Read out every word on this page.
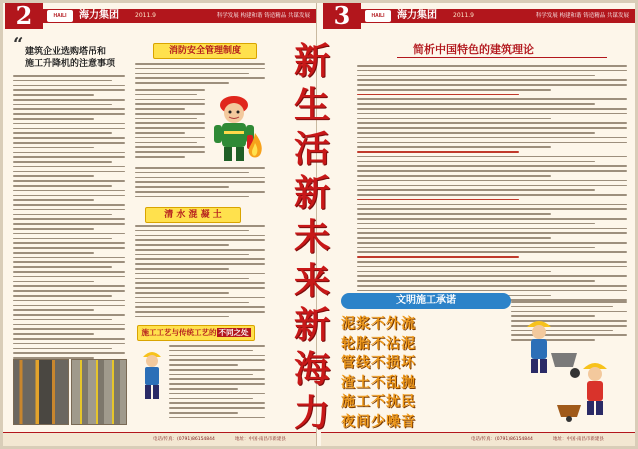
2	HAILI	海力集团	2011.9	科学发展 构建和谐 铸造精品 共谋发展
“ 建筑企业选购塔吊和
施工升降机的注意事项
消防安全管理制度
清 水 混 凝 土
施工工艺与传统工艺的 不同之处
电话/传真：(0791)86154844	地址：中国·南昌市新建县
3	HAILI	海力集团	2011.9	科学发展 构建和谐 铸造精品 共谋发展
简析中国特色的建筑理论
文明施工承诺
泥浆不外流
轮胎不沾泥
管线不损坏
渣土不乱抛
施工不扰民
夜间少噪音
电话/传真：(0791)86154844	地址：中国·南昌市新建县
新
生
活
新
未
来
新
海
力
